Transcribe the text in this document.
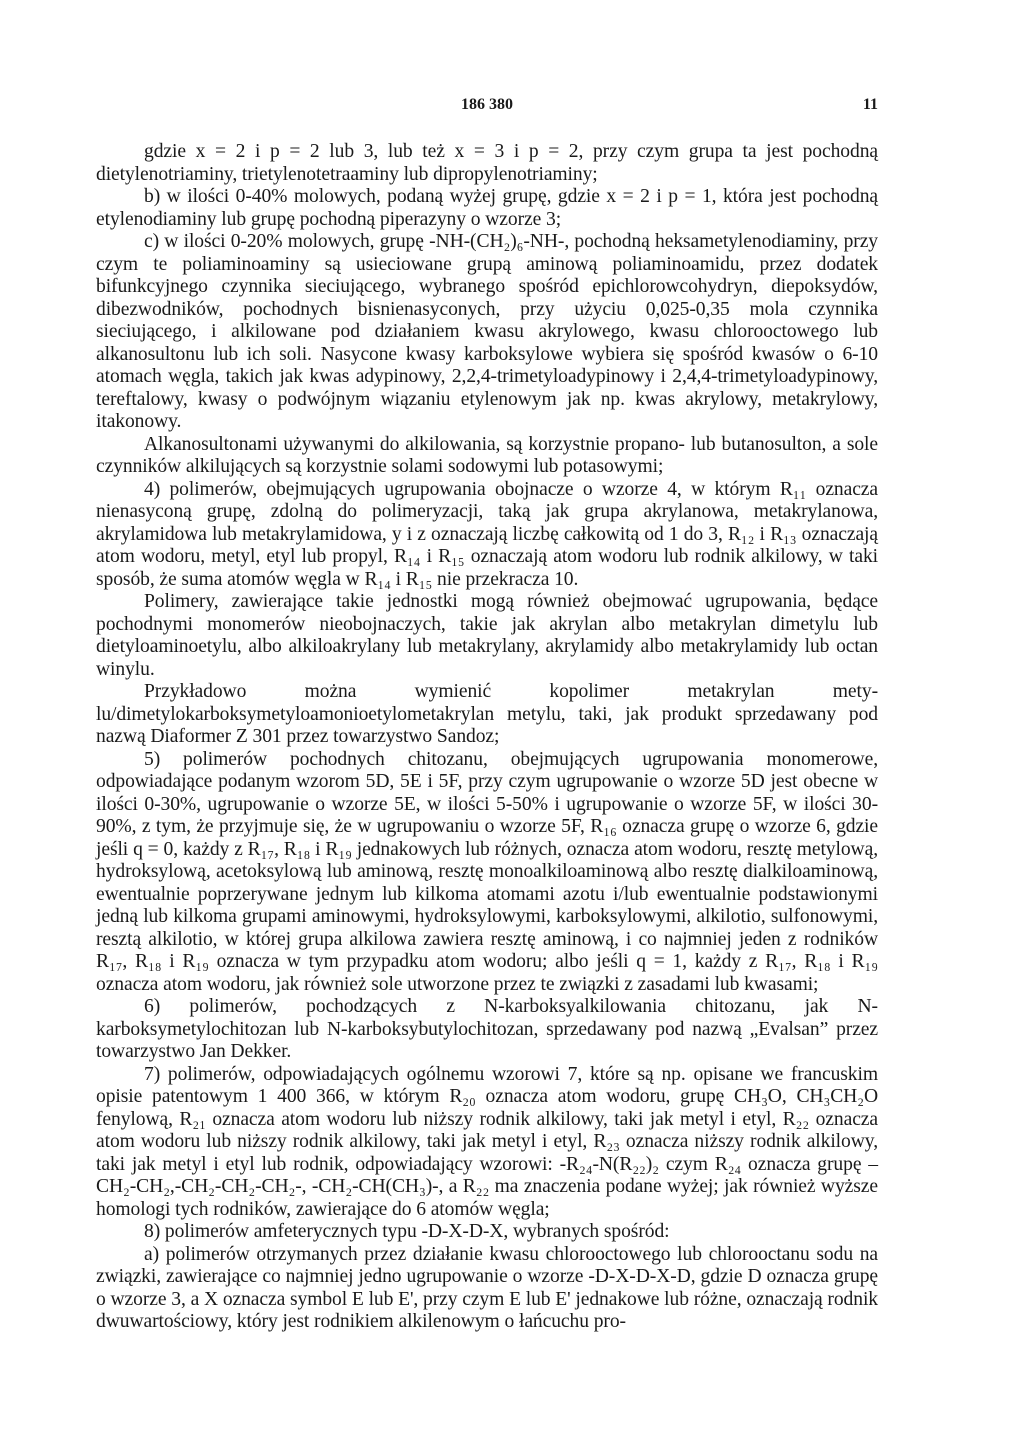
186 380	11

gdzie x = 2 i p = 2 lub 3, lub też x = 3 i p = 2, przy czym grupa ta jest pochodną dietylenotriaminy, trietylenotetraaminy lub dipropylenotriaminy;

b) w ilości 0-40% molowych, podaną wyżej grupę, gdzie x = 2 i p = 1, która jest pochodną etylenodiaminy lub grupę pochodną piperazyny o wzorze 3;

c) w ilości 0-20% molowych, grupę -NH-(CH₂)₆-NH-, pochodną heksametylenodiaminy, przy czym te poliaminoaminy są usieciowane grupą aminową poliaminoamidu, przez dodatek bifunkcyjnego czynnika sieciującego, wybranego spośród epichlorowcohydryn, diepoksydów, dibezwodników, pochodnych bisnienasyconych, przy użyciu 0,025-0,35 mola czynnika sieciującego, i alkilowane pod działaniem kwasu akrylowego, kwasu chlorooctowego lub alkanosultonu lub ich soli. Nasycone kwasy karboksylowe wybiera się spośród kwasów o 6-10 atomach węgla, takich jak kwas adypinowy, 2,2,4-trimetyloadypinowy i 2,4,4-trimetyloadypinowy, tereftalowy, kwasy o podwójnym wiązaniu etylenowym jak np. kwas akrylowy, metakrylowy, itakonowy.

Alkanosultonami używanymi do alkilowania, są korzystnie propano- lub butanosulton, a sole czynników alkilujących są korzystnie solami sodowymi lub potasowymi;

4) polimerów, obejmujących ugrupowania obojnacze o wzorze 4, w którym R₁₁ oznacza nienasyconą grupę, zdolną do polimeryzacji, taką jak grupa akrylanowa, metakrylanowa, akrylamidowa lub metakrylamidowa, y i z oznaczają liczbę całkowitą od 1 do 3, R₁₂ i R₁₃ oznaczają atom wodoru, metyl, etyl lub propyl, R₁₄ i R₁₅ oznaczają atom wodoru lub rodnik alkilowy, w taki sposób, że suma atomów węgla w R₁₄ i R₁₅ nie przekracza 10.

Polimery, zawierające takie jednostki mogą również obejmować ugrupowania, będące pochodnymi monomerów nieobojnaczych, takie jak akrylan albo metakrylan dimetylu lub dietyloaminoetylu, albo alkiloakrylany lub metakrylany, akrylamidy albo metakrylamidy lub octan winylu.

Przykładowo można wymienić kopolimer metakrylan mety-lu/dimetylokarboksymetyloamonioetylometakrylan metylu, taki, jak produkt sprzedawany pod nazwą Diaformer Z 301 przez towarzystwo Sandoz;

5) polimerów pochodnych chitozanu, obejmujących ugrupowania monomerowe, odpowiadające podanym wzorom 5D, 5E i 5F, przy czym ugrupowanie o wzorze 5D jest obecne w ilości 0-30%, ugrupowanie o wzorze 5E, w ilości 5-50% i ugrupowanie o wzorze 5F, w ilości 30-90%, z tym, że przyjmuje się, że w ugrupowaniu o wzorze 5F, R₁₆ oznacza grupę o wzorze 6, gdzie jeśli q = 0, każdy z R₁₇, R₁₈ i R₁₉ jednakowych lub różnych, oznacza atom wodoru, resztę metylową, hydroksylową, acetoksylową lub aminową, resztę monoalkiloaminową albo resztę dialkiloaminową, ewentualnie poprzerywane jednym lub kilkoma atomami azotu i/lub ewentualnie podstawionymi jedną lub kilkoma grupami aminowymi, hydroksylowymi, karboksylowymi, alkilotio, sulfonowymi, resztą alkilotio, w której grupa alkilowa zawiera resztę aminową, i co najmniej jeden z rodników R₁₇, R₁₈ i R₁₉ oznacza w tym przypadku atom wodoru; albo jeśli q = 1, każdy z R₁₇, R₁₈ i R₁₉ oznacza atom wodoru, jak również sole utworzone przez te związki z zasadami lub kwasami;

6) polimerów, pochodzących z N-karboksyalkilowania chitozanu, jak N-karboksymetylochitozan lub N-karboksybutylochitozan, sprzedawany pod nazwą „Evalsan” przez towarzystwo Jan Dekker.

7) polimerów, odpowiadających ogólnemu wzorowi 7, które są np. opisane we francuskim opisie patentowym 1 400 366, w którym R₂₀ oznacza atom wodoru, grupę CH₃O, CH₃CH₂O fenylową, R₂₁ oznacza atom wodoru lub niższy rodnik alkilowy, taki jak metyl i etyl, R₂₂ oznacza atom wodoru lub niższy rodnik alkilowy, taki jak metyl i etyl, R₂₃ oznacza niższy rodnik alkilowy, taki jak metyl i etyl lub rodnik, odpowiadający wzorowi: -R₂₄-N(R₂₂)₂ czym R₂₄ oznacza grupę –CH₂-CH₂,-CH₂-CH₂-CH₂-, -CH₂-CH(CH₃)-, a R₂₂ ma znaczenia podane wyżej; jak również wyższe homologi tych rodników, zawierające do 6 atomów węgla;

8) polimerów amfeterycznych typu -D-X-D-X, wybranych spośród:

a) polimerów otrzymanych przez działanie kwasu chlorooctowego lub chlorooctanu sodu na związki, zawierające co najmniej jedno ugrupowanie o wzorze -D-X-D-X-D, gdzie D oznacza grupę o wzorze 3, a X oznacza symbol E lub E', przy czym E lub E' jednakowe lub różne, oznaczają rodnik dwuwartościowy, który jest rodnikiem alkilenowym o łańcuchu pro-
